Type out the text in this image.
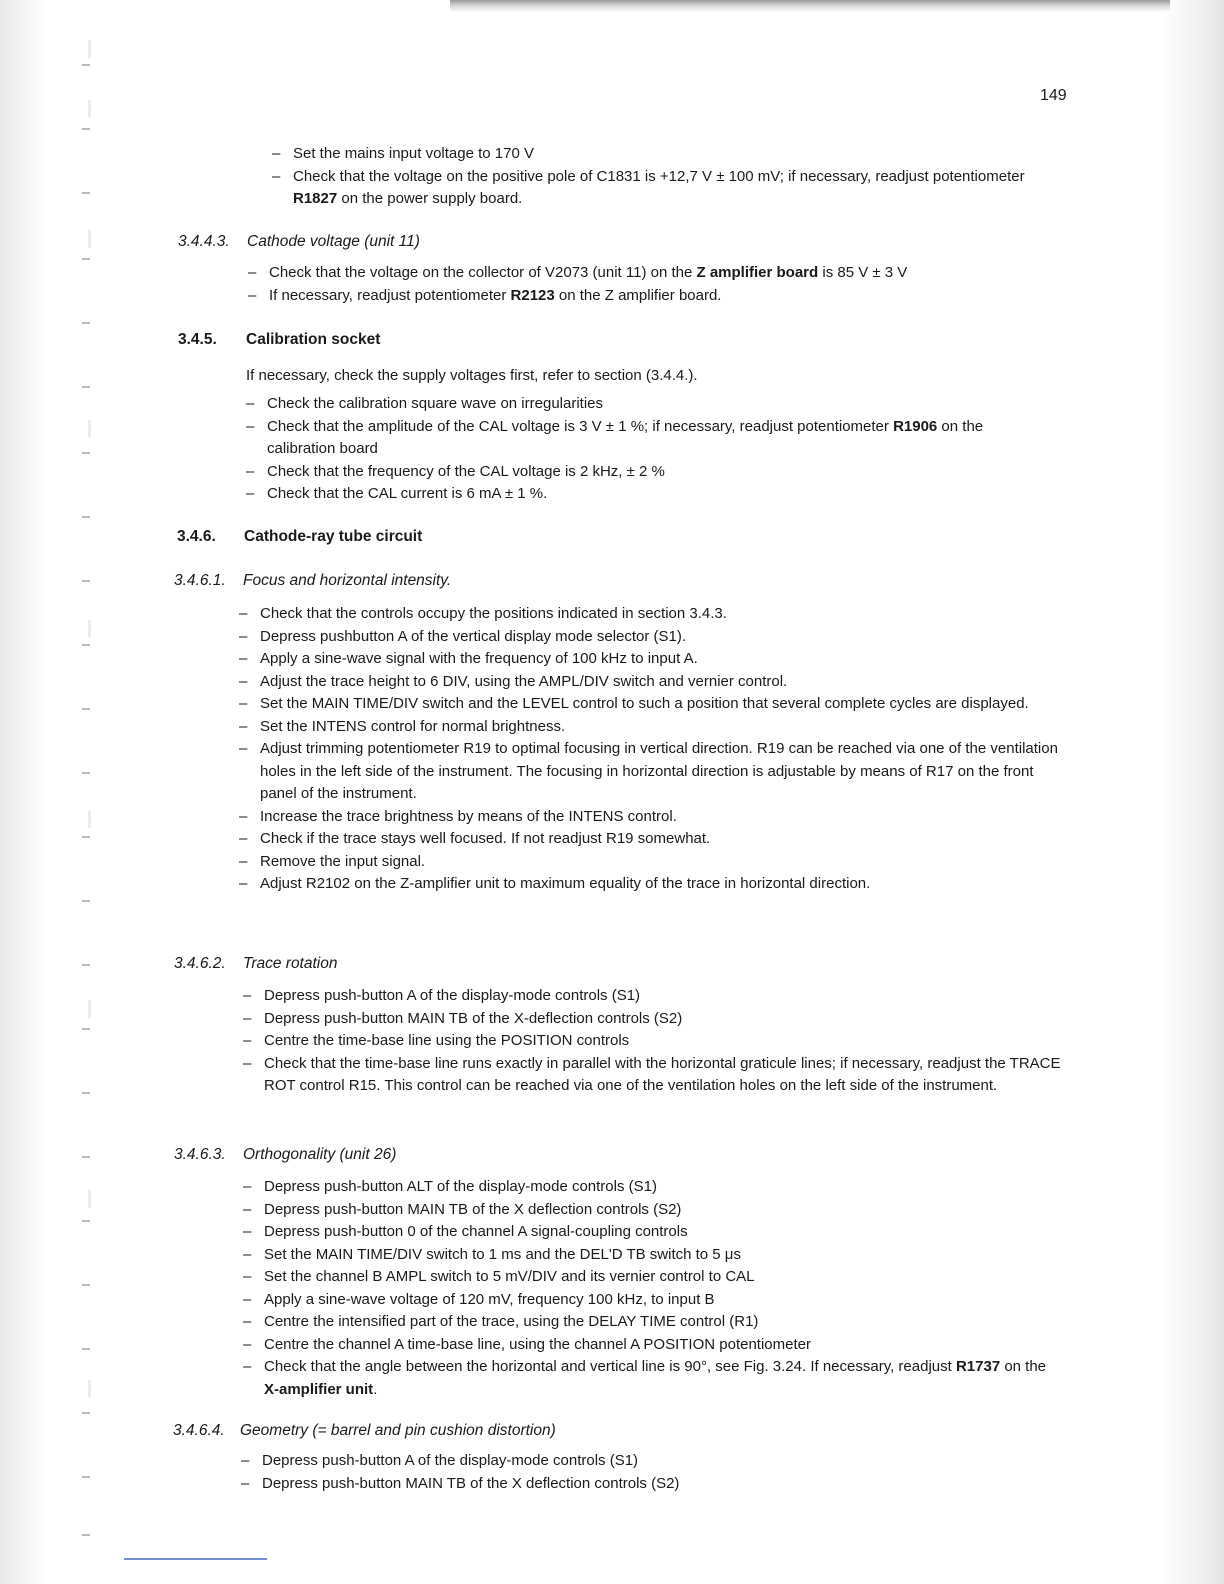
149
– Set the mains input voltage to 170 V
– Check that the voltage on the positive pole of C1831 is +12,7 V ± 100 mV; if necessary, readjust potentiometer R1827 on the power supply board.
3.4.4.3. Cathode voltage (unit 11)
– Check that the voltage on the collector of V2073 (unit 11) on the Z amplifier board is 85 V ± 3 V
– If necessary, readjust potentiometer R2123 on the Z amplifier board.
3.4.5. Calibration socket
If necessary, check the supply voltages first, refer to section (3.4.4.).
– Check the calibration square wave on irregularities
– Check that the amplitude of the CAL voltage is 3 V ± 1 %; if necessary, readjust potentiometer R1906 on the calibration board
– Check that the frequency of the CAL voltage is 2 kHz, ± 2 %
– Check that the CAL current is 6 mA ± 1 %.
3.4.6. Cathode-ray tube circuit
3.4.6.1. Focus and horizontal intensity.
– Check that the controls occupy the positions indicated in section 3.4.3.
– Depress pushbutton A of the vertical display mode selector (S1).
– Apply a sine-wave signal with the frequency of 100 kHz to input A.
– Adjust the trace height to 6 DIV, using the AMPL/DIV switch and vernier control.
– Set the MAIN TIME/DIV switch and the LEVEL control to such a position that several complete cycles are displayed.
– Set the INTENS control for normal brightness.
– Adjust trimming potentiometer R19 to optimal focusing in vertical direction. R19 can be reached via one of the ventilation holes in the left side of the instrument. The focusing in horizontal direction is adjustable by means of R17 on the front panel of the instrument.
– Increase the trace brightness by means of the INTENS control.
– Check if the trace stays well focused. If not readjust R19 somewhat.
– Remove the input signal.
– Adjust R2102 on the Z-amplifier unit to maximum equality of the trace in horizontal direction.
3.4.6.2. Trace rotation
– Depress push-button A of the display-mode controls (S1)
– Depress push-button MAIN TB of the X-deflection controls (S2)
– Centre the time-base line using the POSITION controls
– Check that the time-base line runs exactly in parallel with the horizontal graticule lines; if necessary, readjust the TRACE ROT control R15. This control can be reached via one of the ventilation holes on the left side of the instrument.
3.4.6.3. Orthogonality (unit 26)
– Depress push-button ALT of the display-mode controls (S1)
– Depress push-button MAIN TB of the X deflection controls (S2)
– Depress push-button 0 of the channel A signal-coupling controls
– Set the MAIN TIME/DIV switch to 1 ms and the DEL'D TB switch to 5 μs
– Set the channel B AMPL switch to 5 mV/DIV and its vernier control to CAL
– Apply a sine-wave voltage of 120 mV, frequency 100 kHz, to input B
– Centre the intensified part of the trace, using the DELAY TIME control (R1)
– Centre the channel A time-base line, using the channel A POSITION potentiometer
– Check that the angle between the horizontal and vertical line is 90°, see Fig. 3.24. If necessary, readjust R1737 on the X-amplifier unit.
3.4.6.4. Geometry (= barrel and pin cushion distortion)
– Depress push-button A of the display-mode controls (S1)
– Depress push-button MAIN TB of the X deflection controls (S2)
